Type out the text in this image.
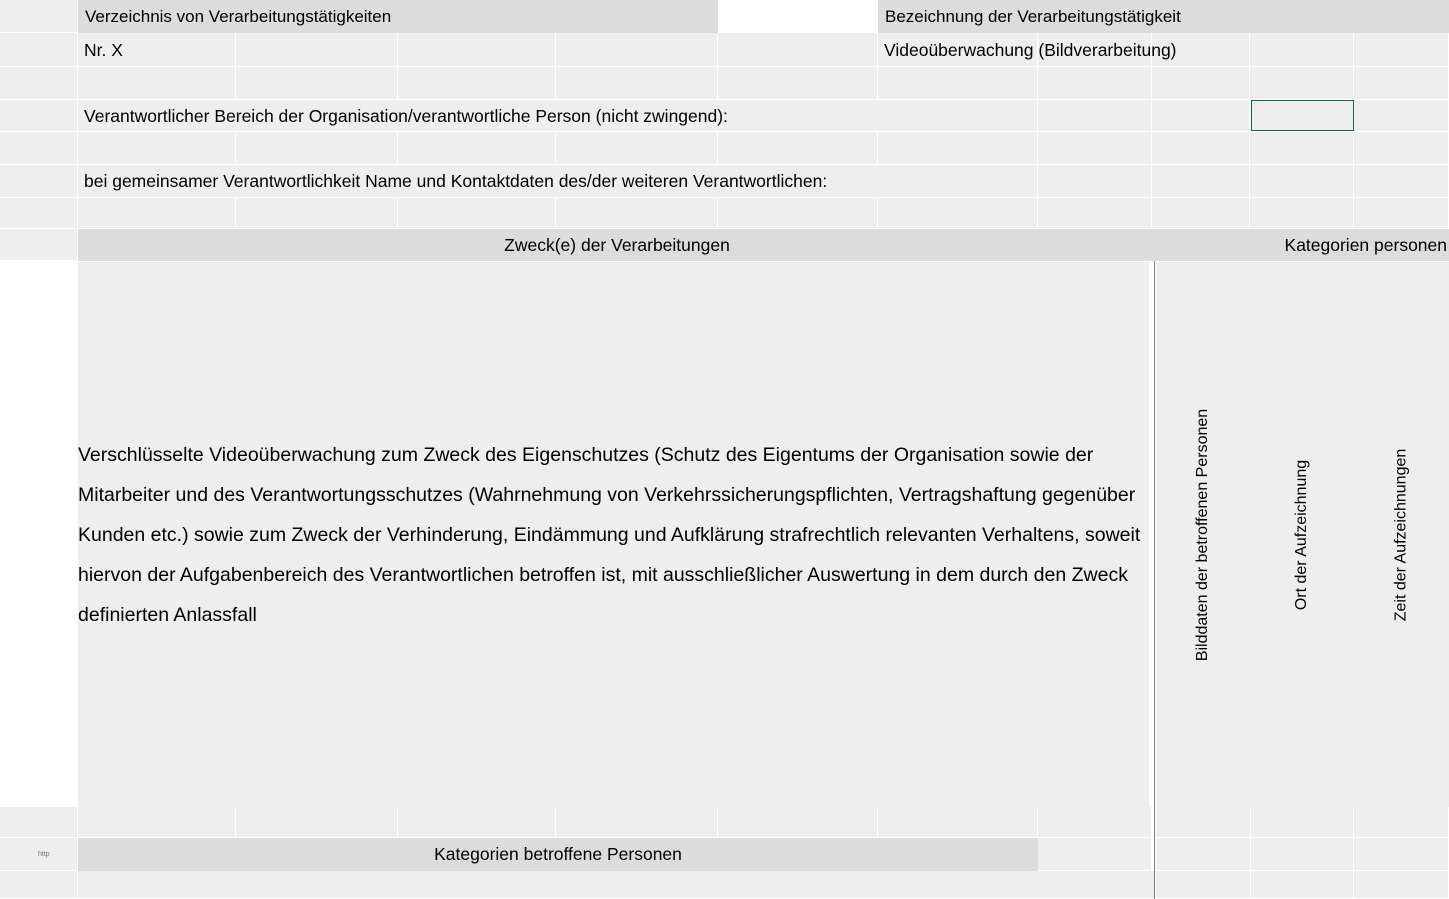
Verzeichnis von Verarbeitungstätigkeiten	Bezeichnung der Verarbeitungstätigkeit
Nr. X	Videoüberwachung (Bildverarbeitung)
Verantwortlicher Bereich der Organisation/verantwortliche Person (nicht zwingend):
bei gemeinsamer Verantwortlichkeit Name und Kontaktdaten des/der weiteren Verantwortlichen:
Zweck(e) der Verarbeitungen	Kategorien personen
Verschlüsselte Videoüberwachung zum Zweck des Eigenschutzes (Schutz des Eigentums der Organisation sowie der Mitarbeiter und des Verantwortungsschutzes (Wahrnehmung von Verkehrssicherungspflichten, Vertragshaftung gegenüber Kunden etc.) sowie zum Zweck der Verhinderung, Eindämmung und Aufklärung strafrechtlich relevanten Verhaltens, soweit hiervon der Aufgabenbereich des Verantwortlichen betroffen ist, mit ausschließlicher Auswertung in dem durch den Zweck definierten Anlassfall	Bilddaten der betroffenen Personen	Ort der Aufzeichnung	Zeit der Aufzeichnungen
http	Kategorien betroffene Personen
